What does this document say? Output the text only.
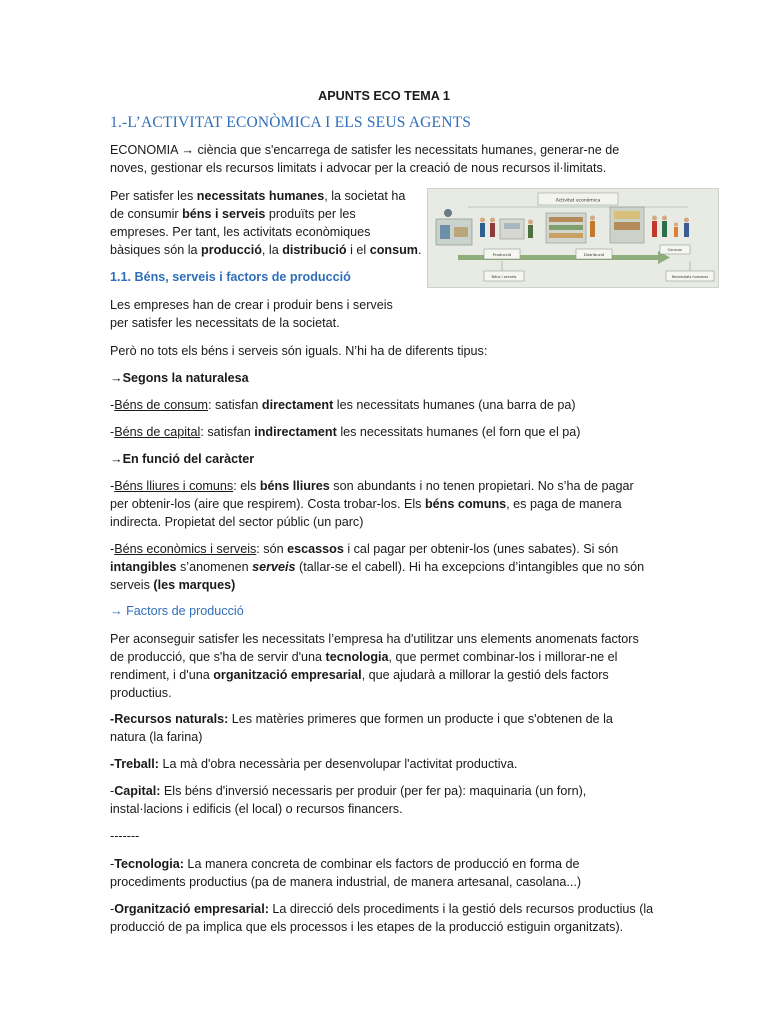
APUNTS ECO TEMA 1
1.-L’ACTIVITAT ECONÒMICA I ELS SEUS AGENTS
ECONOMIA → ciència que s'encarrega de satisfer les necessitats humanes, generar-ne de
noves, gestionar els recursos limitats i advocar per la creació de nous recursos il·limitats.
Per satisfer les necessitats humanes, la societat ha
de consumir béns i serveis produïts per les
empreses. Per tant, les activitats econòmiques
bàsiques són la producció, la distribució i el consum.
1.1. Béns, serveis i factors de producció
Les empreses han de crear i produir bens i serveis
per satisfer les necessitats de la societat.
Però no tots els béns i serveis són iguals. N’hi ha de diferents tipus:
→Segons la naturalesa
-Béns de consum: satisfan directament les necessitats humanes (una barra de pa)
-Béns de capital: satisfan indirectament les necessitats humanes (el forn que el pa)
→En funció del caràcter
-Béns lliures i comuns: els béns lliures son abundants i no tenen propietari. No s’ha de pagar
per obtenir-los (aire que respirem). Costa trobar-los. Els béns comuns, es paga de manera
indirecta. Propietat del sector públic (un parc)
-Béns econòmics i serveis: són escassos i cal pagar per obtenir-los (unes sabates). Si són
intangibles s’anomenen serveis (tallar-se el cabell). Hi ha excepcions d’intangibles que no són
serveis (les marques)
→ Factors de producció
Per aconseguir satisfer les necessitats l’empresa ha d'utilitzar uns elements anomenats factors
de producció, que s'ha de servir d'una tecnologia, que permet combinar-los i millorar-ne el
rendiment, i d'una organització empresarial, que ajudarà a millorar la gestió dels factors
productius.
-Recursos naturals: Les matèries primeres que formen un producte i que s'obtenen de la
natura (la farina)
-Treball: La mà d'obra necessària per desenvolupar l'activitat productiva.
-Capital: Els béns d'inversió necessaris per produir (per fer pa): maquinaria (un forn),
instal·lacions i edificis (el local) o recursos financers.
-------
-Tecnologia: La manera concreta de combinar els factors de producció en forma de
procediments productius (pa de manera industrial, de manera artesanal, casolana...)
-Organització empresarial: La direcció dels procediments i la gestió dels recursos productius (la
producció de pa implica que els processos i les etapes de la producció estiguin organitzats).
Activitat econòmica
Producció	Distribució
Consum
Béns i serveis	Necessitats humanes
